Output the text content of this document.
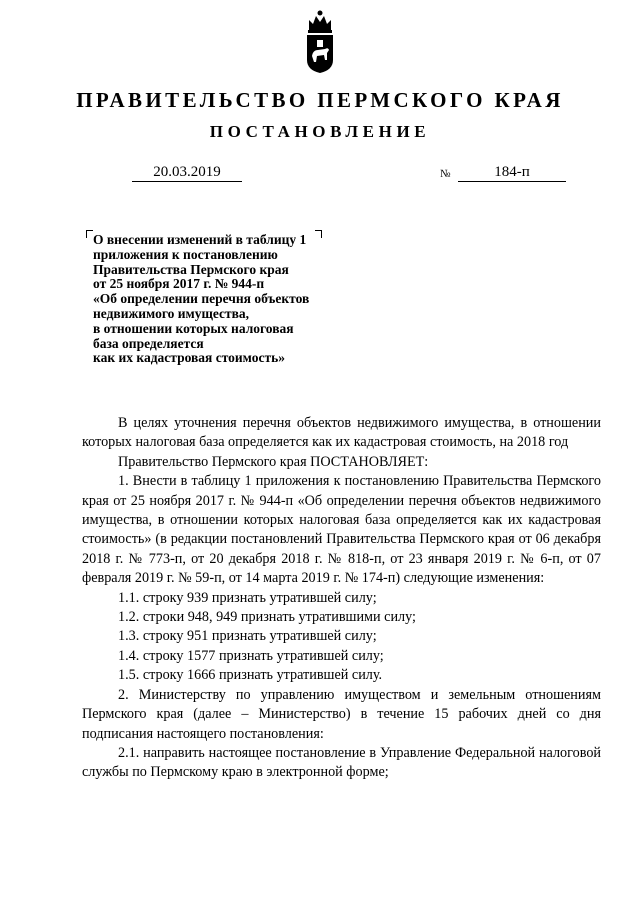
ПРАВИТЕЛЬСТВО ПЕРМСКОГО КРАЯ
ПОСТАНОВЛЕНИЕ
20.03.2019	№	184-п
О внесении изменений в таблицу 1
приложения к постановлению
Правительства Пермского края
от 25 ноября 2017 г. № 944-п
«Об определении перечня объектов
недвижимого имущества,
в отношении которых налоговая
база определяется
как их кадастровая стоимость»

В целях уточнения перечня объектов недвижимого имущества, в отношении которых налоговая база определяется как их кадастровая стоимость, на 2018 год

Правительство Пермского края ПОСТАНОВЛЯЕТ:

1. Внести в таблицу 1 приложения к постановлению Правительства Пермского края от 25 ноября 2017 г. № 944-п «Об определении перечня объектов недвижимого имущества, в отношении которых налоговая база определяется как их кадастровая стоимость» (в редакции постановлений Правительства Пермского края от 06 декабря 2018 г. № 773-п, от 20 декабря 2018 г. № 818-п, от 23 января 2019 г. № 6-п, от 07 февраля 2019 г. № 59-п, от 14 марта 2019 г. № 174-п) следующие изменения:

1.1. строку 939 признать утратившей силу;

1.2. строки 948, 949 признать утратившими силу;

1.3. строку 951 признать утратившей силу;

1.4. строку 1577 признать утратившей силу;

1.5. строку 1666 признать утратившей силу.

2. Министерству по управлению имуществом и земельным отношениям Пермского края (далее – Министерство) в течение 15 рабочих дней со дня подписания настоящего постановления:

2.1. направить настоящее постановление в Управление Федеральной налоговой службы по Пермскому краю в электронной форме;
